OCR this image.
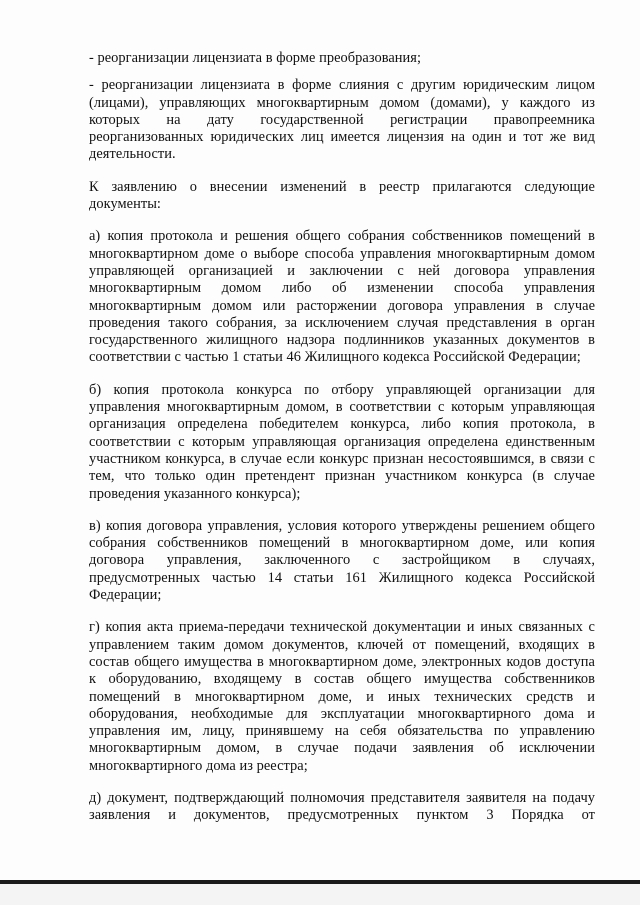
- реорганизации лицензиата в форме преобразования;

- реорганизации лицензиата в форме слияния с другим юридическим лицом (лицами), управляющих многоквартирным домом (домами), у каждого из которых на дату государственной регистрации правопреемника реорганизованных юридических лиц имеется лицензия на один и тот же вид деятельности.

К заявлению о внесении изменений в реестр прилагаются следующие документы:

а) копия протокола и решения общего собрания собственников помещений в многоквартирном доме о выборе способа управления многоквартирным домом управляющей организацией и заключении с ней договора управления многоквартирным домом либо об изменении способа управления многоквартирным домом или расторжении договора управления в случае проведения такого собрания, за исключением случая представления в орган государственного жилищного надзора подлинников указанных документов в соответствии с частью 1 статьи 46 Жилищного кодекса Российской Федерации;

б) копия протокола конкурса по отбору управляющей организации для управления многоквартирным домом, в соответствии с которым управляющая организация определена победителем конкурса, либо копия протокола, в соответствии с которым управляющая организация определена единственным участником конкурса, в случае если конкурс признан несостоявшимся, в связи с тем, что только один претендент признан участником конкурса (в случае проведения указанного конкурса);

в) копия договора управления, условия которого утверждены решением общего собрания собственников помещений в многоквартирном доме, или копия договора управления, заключенного с застройщиком в случаях, предусмотренных частью 14 статьи 161 Жилищного кодекса Российской Федерации;

г) копия акта приема-передачи технической документации и иных связанных с управлением таким домом документов, ключей от помещений, входящих в состав общего имущества в многоквартирном доме, электронных кодов доступа к оборудованию, входящему в состав общего имущества собственников помещений в многоквартирном доме, и иных технических средств и оборудования, необходимые для эксплуатации многоквартирного дома и управления им, лицу, принявшему на себя обязательства по управлению многоквартирным домом, в случае подачи заявления об исключении многоквартирного дома из реестра;

д) документ, подтверждающий полномочия представителя заявителя на подачу заявления и документов, предусмотренных пунктом 3 Порядка от
